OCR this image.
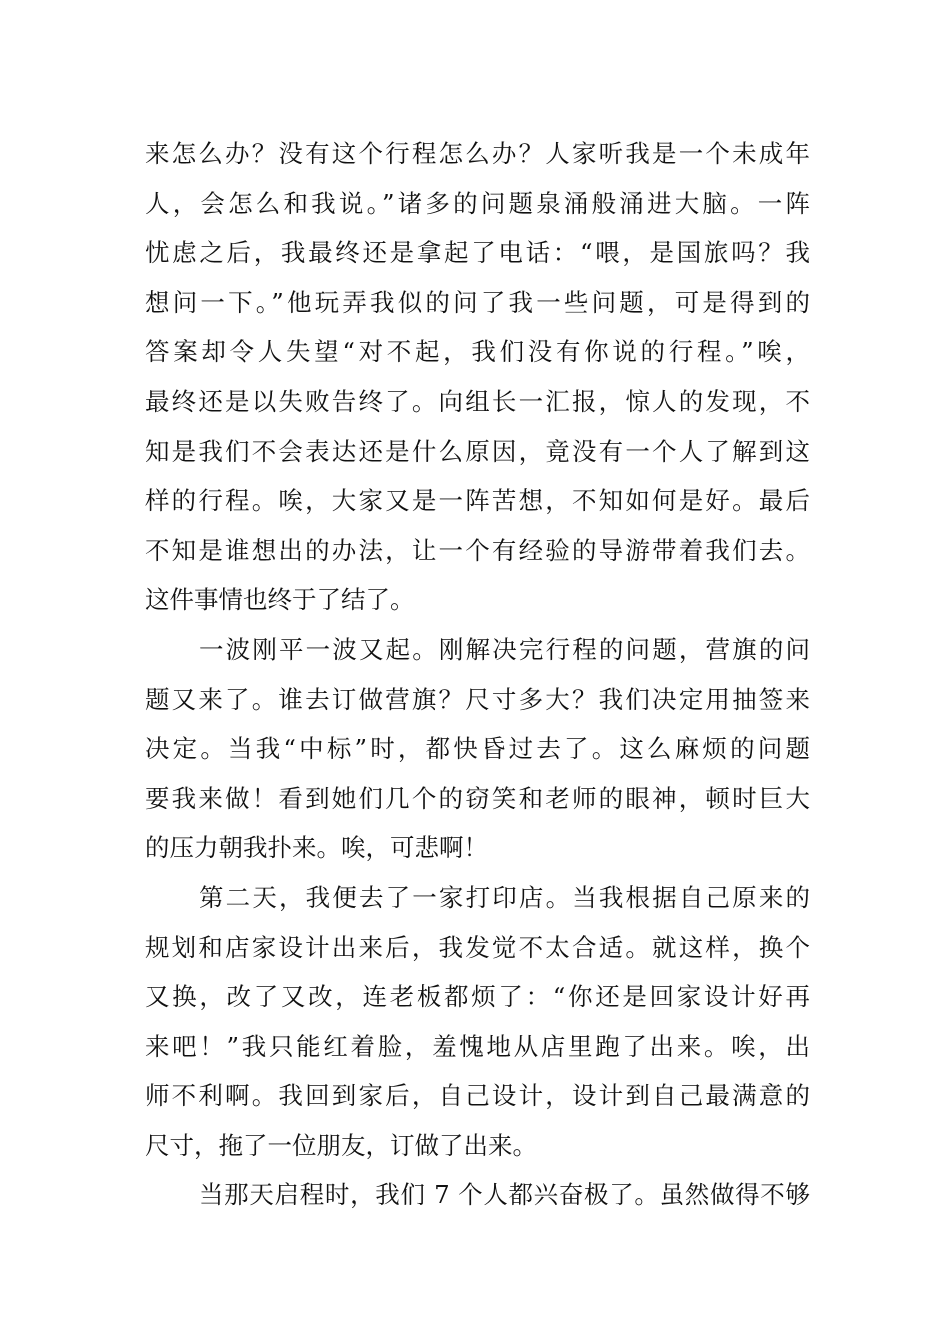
来怎么办？没有这个行程怎么办？人家听我是一个未成年
人，会怎么和我说。”诸多的问题泉涌般涌进大脑。一阵
忧虑之后，我最终还是拿起了电话：“喂，是国旅吗？我
想问一下。”他玩弄我似的问了我一些问题，可是得到的
答案却令人失望“对不起，我们没有你说的行程。”唉，
最终还是以失败告终了。向组长一汇报，惊人的发现，不
知是我们不会表达还是什么原因，竟没有一个人了解到这
样的行程。唉，大家又是一阵苦想，不知如何是好。最后
不知是谁想出的办法，让一个有经验的导游带着我们去。
这件事情也终于了结了。
一波刚平一波又起。刚解决完行程的问题，营旗的问
题又来了。谁去订做营旗？尺寸多大？我们决定用抽签来
决定。当我“中标”时，都快昏过去了。这么麻烦的问题
要我来做！看到她们几个的窃笑和老师的眼神，顿时巨大
的压力朝我扑来。唉，可悲啊！
第二天，我便去了一家打印店。当我根据自己原来的
规划和店家设计出来后，我发觉不太合适。就这样，换个
又换，改了又改，连老板都烦了：“你还是回家设计好再
来吧！”我只能红着脸，羞愧地从店里跑了出来。唉，出
师不利啊。我回到家后，自己设计，设计到自己最满意的
尺寸，拖了一位朋友，订做了出来。
当那天启程时，我们 7 个人都兴奋极了。虽然做得不够
